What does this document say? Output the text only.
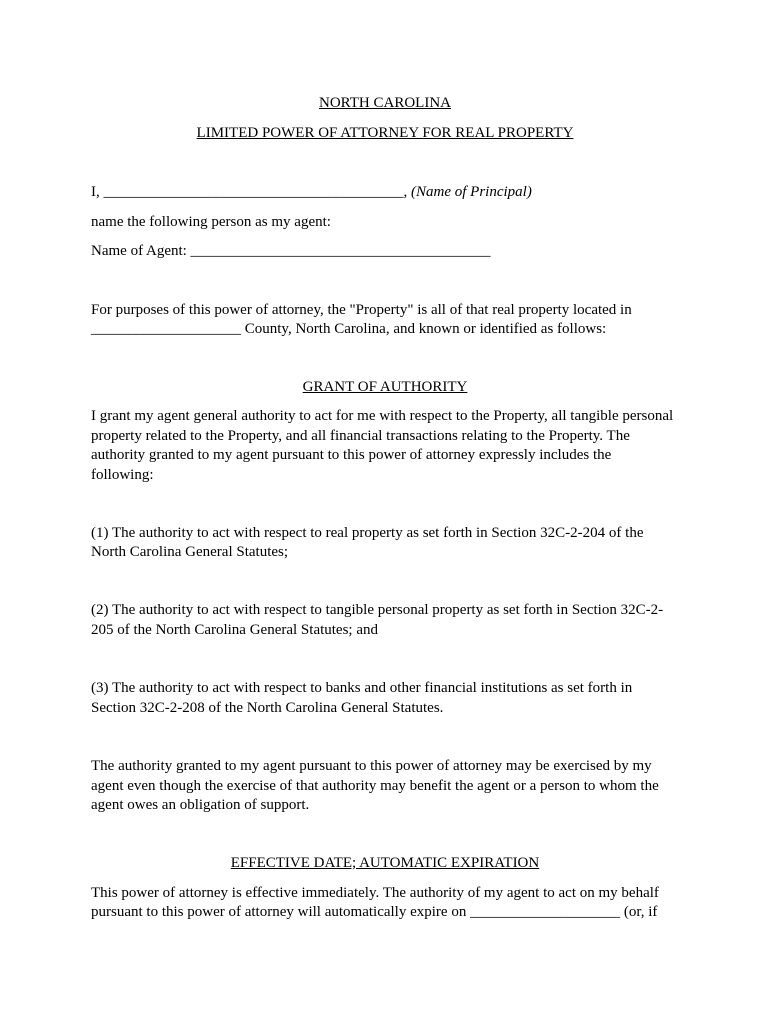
NORTH CAROLINA
LIMITED POWER OF ATTORNEY FOR REAL PROPERTY
I, ________________________________________, (Name of Principal)
name the following person as my agent:
Name of Agent: ________________________________________
For purposes of this power of attorney, the "Property" is all of that real property located in
____________________ County, North Carolina, and known or identified as follows:
GRANT OF AUTHORITY
I grant my agent general authority to act for me with respect to the Property, all tangible personal
property related to the Property, and all financial transactions relating to the Property. The
authority granted to my agent pursuant to this power of attorney expressly includes the
following:
(1) The authority to act with respect to real property as set forth in Section 32C-2-204 of the
North Carolina General Statutes;
(2) The authority to act with respect to tangible personal property as set forth in Section 32C-2-
205 of the North Carolina General Statutes; and
(3) The authority to act with respect to banks and other financial institutions as set forth in
Section 32C-2-208 of the North Carolina General Statutes.
The authority granted to my agent pursuant to this power of attorney may be exercised by my
agent even though the exercise of that authority may benefit the agent or a person to whom the
agent owes an obligation of support.
EFFECTIVE DATE; AUTOMATIC EXPIRATION
This power of attorney is effective immediately. The authority of my agent to act on my behalf
pursuant to this power of attorney will automatically expire on ____________________ (or, if
